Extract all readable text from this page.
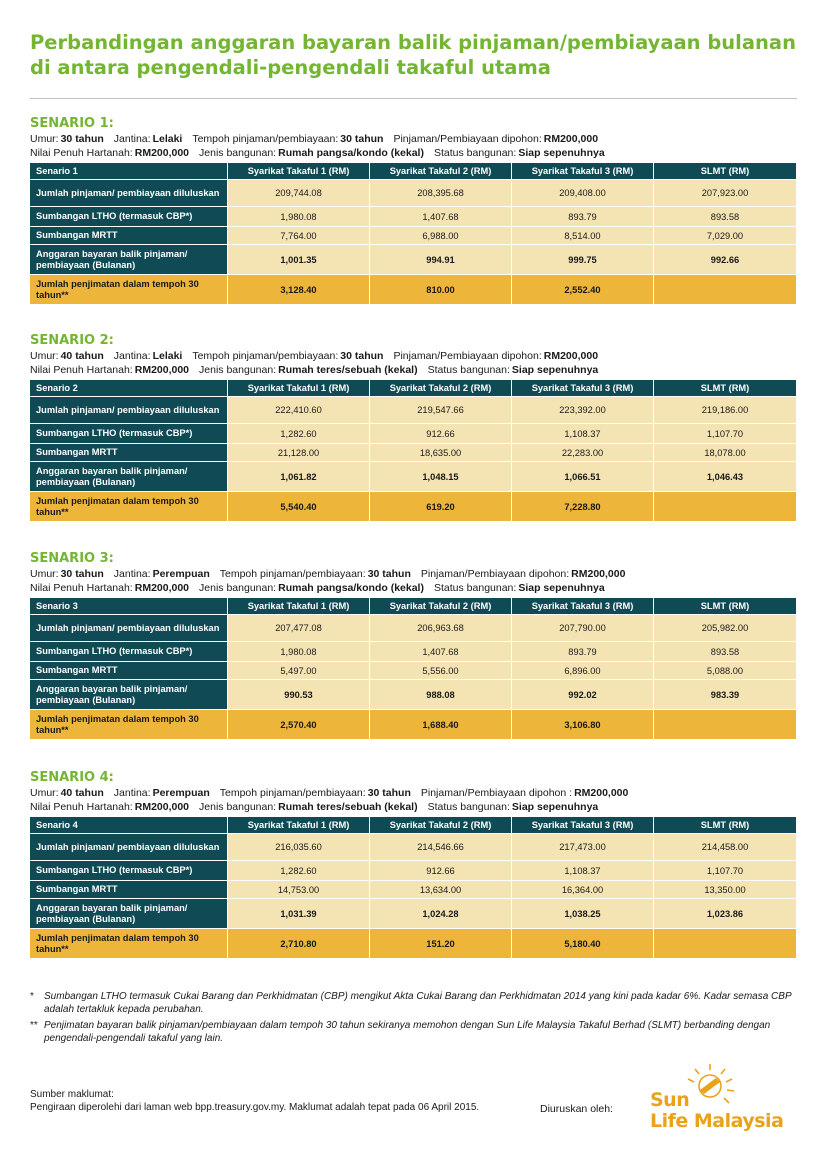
Perbandingan anggaran bayaran balik pinjaman/pembiayaan bulanan di antara pengendali-pengendali takaful utama
SENARIO 1:
Umur: 30 tahun Jantina: Lelaki Tempoh pinjaman/pembiayaan: 30 tahun Pinjaman/Pembiayaan dipohon: RM200,000
Nilai Penuh Hartanah: RM200,000 Jenis bangunan: Rumah pangsa/kondo (kekal) Status bangunan: Siap sepenuhnya
Senario 1	Syarikat Takaful 1 (RM)	Syarikat Takaful 2 (RM)	Syarikat Takaful 3 (RM)	SLMT (RM)
Jumlah pinjaman/ pembiayaan diluluskan	209,744.08	208,395.68	209,408.00	207,923.00
Sumbangan LTHO (termasuk CBP*)	1,980.08	1,407.68	893.79	893.58
Sumbangan MRTT	7,764.00	6,988.00	8,514.00	7,029.00
Anggaran bayaran balik pinjaman/ pembiayaan (Bulanan)	1,001.35	994.91	999.75	992.66
Jumlah penjimatan dalam tempoh 30 tahun**	3,128.40	810.00	2,552.40	
SENARIO 2:
Umur: 40 tahun Jantina: Lelaki Tempoh pinjaman/pembiayaan: 30 tahun Pinjaman/Pembiayaan dipohon: RM200,000
Nilai Penuh Hartanah: RM200,000 Jenis bangunan: Rumah teres/sebuah (kekal) Status bangunan: Siap sepenuhnya
Senario 2	Syarikat Takaful 1 (RM)	Syarikat Takaful 2 (RM)	Syarikat Takaful 3 (RM)	SLMT (RM)
Jumlah pinjaman/ pembiayaan diluluskan	222,410.60	219,547.66	223,392.00	219,186.00
Sumbangan LTHO (termasuk CBP*)	1,282.60	912.66	1,108.37	1,107.70
Sumbangan MRTT	21,128.00	18,635.00	22,283.00	18,078.00
Anggaran bayaran balik pinjaman/ pembiayaan (Bulanan)	1,061.82	1,048.15	1,066.51	1,046.43
Jumlah penjimatan dalam tempoh 30 tahun**	5,540.40	619.20	7,228.80	
SENARIO 3:
Umur: 30 tahun Jantina: Perempuan Tempoh pinjaman/pembiayaan: 30 tahun Pinjaman/Pembiayaan dipohon: RM200,000
Nilai Penuh Hartanah: RM200,000 Jenis bangunan: Rumah pangsa/kondo (kekal) Status bangunan: Siap sepenuhnya
Senario 3	Syarikat Takaful 1 (RM)	Syarikat Takaful 2 (RM)	Syarikat Takaful 3 (RM)	SLMT (RM)
Jumlah pinjaman/ pembiayaan diluluskan	207,477.08	206,963.68	207,790.00	205,982.00
Sumbangan LTHO (termasuk CBP*)	1,980.08	1,407.68	893.79	893.58
Sumbangan MRTT	5,497.00	5,556.00	6,896.00	5,088.00
Anggaran bayaran balik pinjaman/ pembiayaan (Bulanan)	990.53	988.08	992.02	983.39
Jumlah penjimatan dalam tempoh 30 tahun**	2,570.40	1,688.40	3,106.80	
SENARIO 4:
Umur: 40 tahun Jantina: Perempuan Tempoh pinjaman/pembiayaan: 30 tahun Pinjaman/Pembiayaan dipohon : RM200,000
Nilai Penuh Hartanah: RM200,000 Jenis bangunan: Rumah teres/sebuah (kekal) Status bangunan: Siap sepenuhnya
Senario 4	Syarikat Takaful 1 (RM)	Syarikat Takaful 2 (RM)	Syarikat Takaful 3 (RM)	SLMT (RM)
Jumlah pinjaman/ pembiayaan diluluskan	216,035.60	214,546.66	217,473.00	214,458.00
Sumbangan LTHO (termasuk CBP*)	1,282.60	912.66	1,108.37	1,107.70
Sumbangan MRTT	14,753.00	13,634.00	16,364.00	13,350.00
Anggaran bayaran balik pinjaman/ pembiayaan (Bulanan)	1,031.39	1,024.28	1,038.25	1,023.86
Jumlah penjimatan dalam tempoh 30 tahun**	2,710.80	151.20	5,180.40	
* Sumbangan LTHO termasuk Cukai Barang dan Perkhidmatan (CBP) mengikut Akta Cukai Barang dan Perkhidmatan 2014 yang kini pada kadar 6%. Kadar semasa CBP adalah tertakluk kepada perubahan.
** Penjimatan bayaran balik pinjaman/pembiayaan dalam tempoh 30 tahun sekiranya memohon dengan Sun Life Malaysia Takaful Berhad (SLMT) berbanding dengan pengendali-pengendali takaful yang lain.
Sumber maklumat:
Pengiraan diperolehi dari laman web bpp.treasury.gov.my. Maklumat adalah tepat pada 06 April 2015.	Diuruskan oleh: Sun
Life Malaysia
